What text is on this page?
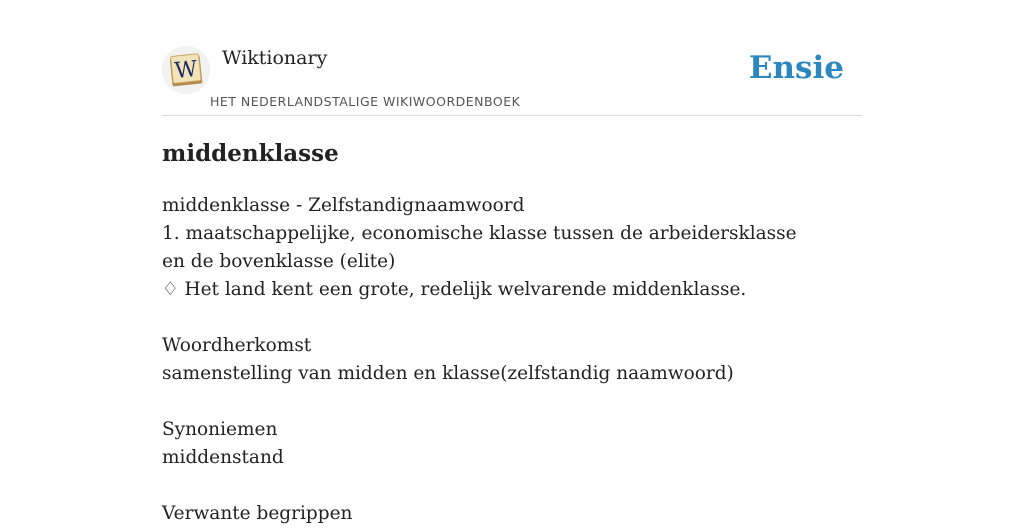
W Wiktionary
HET NEDERLANDSTALIGE WIKIWOORDENBOEK
Ensie
middenklasse

middenklasse - Zelfstandignaamwoord

1. maatschappelijke, economische klasse tussen de arbeidersklasse en de bovenklasse (elite)

♢ Het land kent een grote, redelijk welvarende middenklasse.

Woordherkomst

samenstelling van midden en klasse(zelfstandig naamwoord)

Synoniemen

middenstand

Verwante begrippen
